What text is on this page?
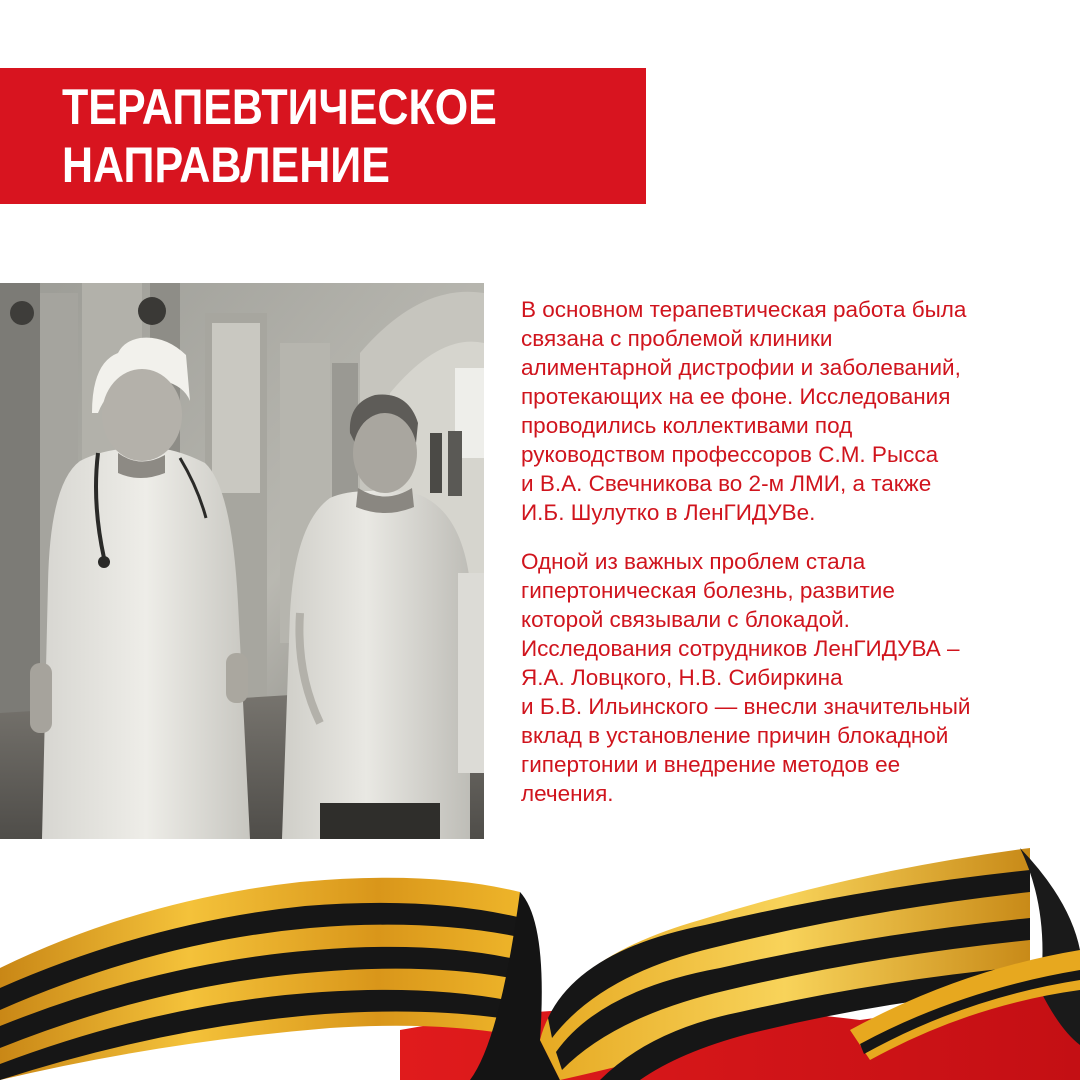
ТЕРАПЕВТИЧЕСКОЕ
НАПРАВЛЕНИЕ

В основном терапевтическая работа была
связана с проблемой клиники
алиментарной дистрофии и заболеваний,
протекающих на ее фоне. Исследования
проводились коллективами под
руководством профессоров С.М. Рысса
и В.А. Свечникова во 2-м ЛМИ, а также
И.Б. Шулутко в ЛенГИДУВе.

Одной из важных проблем стала
гипертоническая болезнь, развитие
которой связывали с блокадой.
Исследования сотрудников ЛенГИДУВА –
Я.А. Ловцкого, Н.В. Сибиркина
и Б.В. Ильинского — внесли значительный
вклад в установление причин блокадной
гипертонии и внедрение методов ее
лечения.
